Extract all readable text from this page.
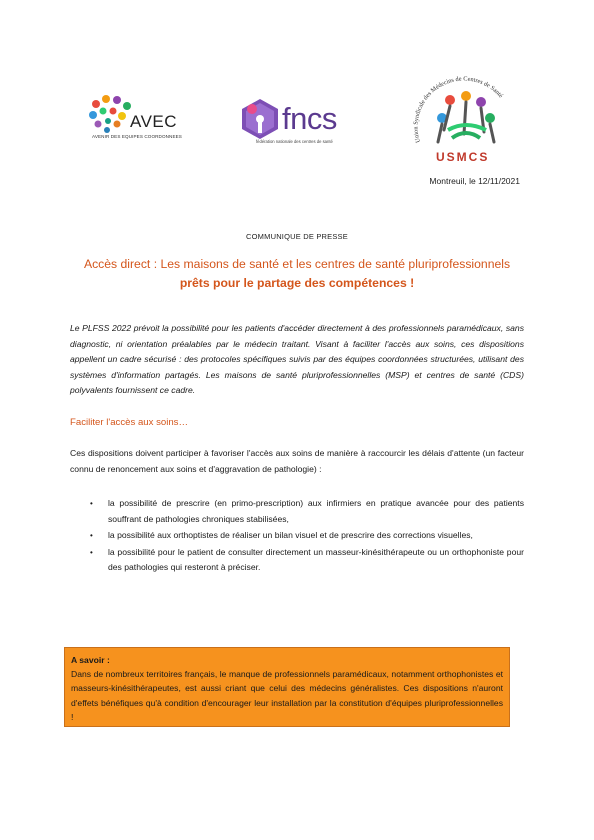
AVEC
AVENIR DES EQUIPES COORDONNEES
fncs
fédération nationale des centres de santé	Union Syndicale des Médecins de Centres de Santé
USMCS
Montreuil, le 12/11/2021
COMMUNIQUE DE PRESSE
Accès direct : Les maisons de santé et les centres de santé pluriprofessionnels
prêts pour le partage des compétences !
Le PLFSS 2022 prévoit la possibilité pour les patients d'accéder directement à des professionnels paramédicaux, sans diagnostic, ni orientation préalables par le médecin traitant. Visant à faciliter l'accès aux soins, ces dispositions appellent un cadre sécurisé : des protocoles spécifiques suivis par des équipes coordonnées structurées, utilisant des systèmes d'information partagés. Les maisons de santé pluriprofessionnelles (MSP) et centres de santé (CDS) polyvalents fournissent ce cadre.
Faciliter l'accès aux soins…
Ces dispositions doivent participer à favoriser l'accès aux soins de manière à raccourcir les délais d'attente (un facteur connu de renoncement aux soins et d'aggravation de pathologie) :
• la possibilité de prescrire (en primo-prescription) aux infirmiers en pratique avancée pour des patients souffrant de pathologies chroniques stabilisées,
• la possibilité aux orthoptistes de réaliser un bilan visuel et de prescrire des corrections visuelles,
• la possibilité pour le patient de consulter directement un masseur-kinésithérapeute ou un orthophoniste pour des pathologies qui resteront à préciser.
A savoir :
Dans de nombreux territoires français, le manque de professionnels paramédicaux, notamment orthophonistes et masseurs-kinésithérapeutes, est aussi criant que celui des médecins généralistes. Ces dispositions n'auront d'effets bénéfiques qu'à condition d'encourager leur installation par la constitution d'équipes pluriprofessionnelles !
